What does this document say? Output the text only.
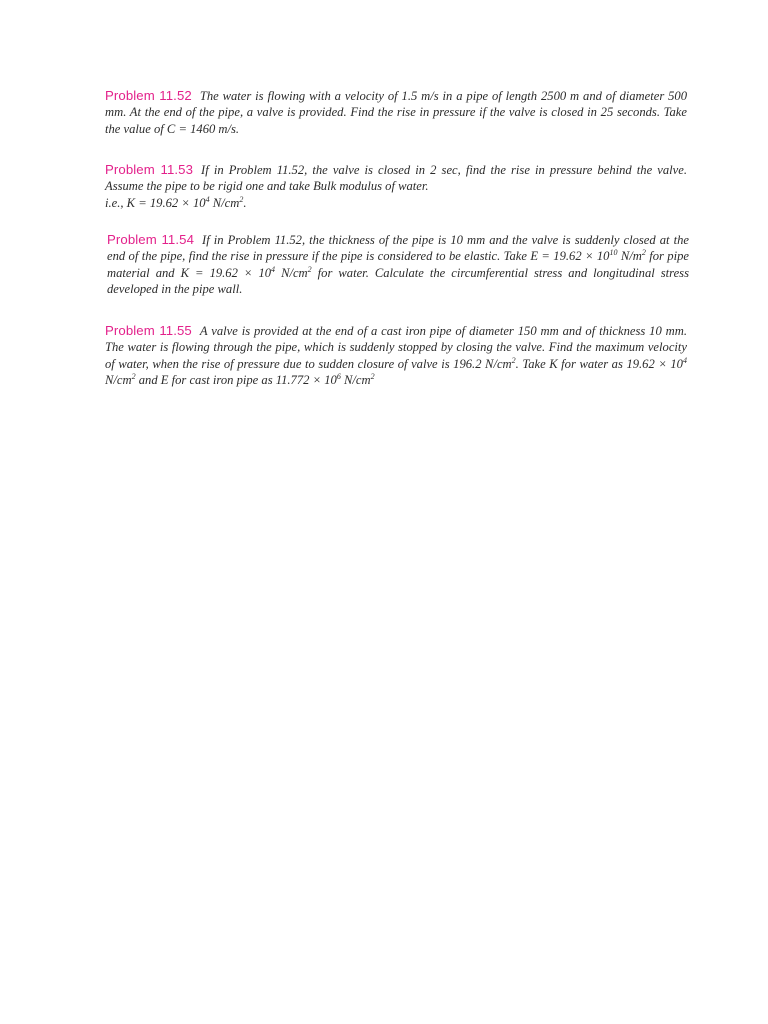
Problem 11.52 The water is flowing with a velocity of 1.5 m/s in a pipe of length 2500 m and of diameter 500 mm. At the end of the pipe, a valve is provided. Find the rise in pressure if the valve is closed in 25 seconds. Take the value of C = 1460 m/s.
Problem 11.53 If in Problem 11.52, the valve is closed in 2 sec, find the rise in pressure behind the valve. Assume the pipe to be rigid one and take Bulk modulus of water.
i.e., $K = 19.62 \times 10^4$ $N/cm^2$.
Problem 11.54 If in Problem 11.52, the thickness of the pipe is 10 mm and the valve is suddenly closed at the end of the pipe, find the rise in pressure if the pipe is considered to be elastic. Take $E = 19.62 \times 10^{10}$ $N/m^2$ for pipe material and $K = 19.62 \times 10^4$ $N/cm^2$ for water. Calculate the circumferential stress and longitudinal stress developed in the pipe wall.
Problem 11.55 A valve is provided at the end of a cast iron pipe of diameter 150 mm and of thickness 10 mm. The water is flowing through the pipe, which is suddenly stopped by closing the valve. Find the maximum velocity of water, when the rise of pressure due to sudden closure of valve is 196.2 $N/cm^2$. Take K for water as $19.62 \times 10^4$ $N/cm^2$ and E for cast iron pipe as $11.772 \times 10^6$ $N/cm^2$
